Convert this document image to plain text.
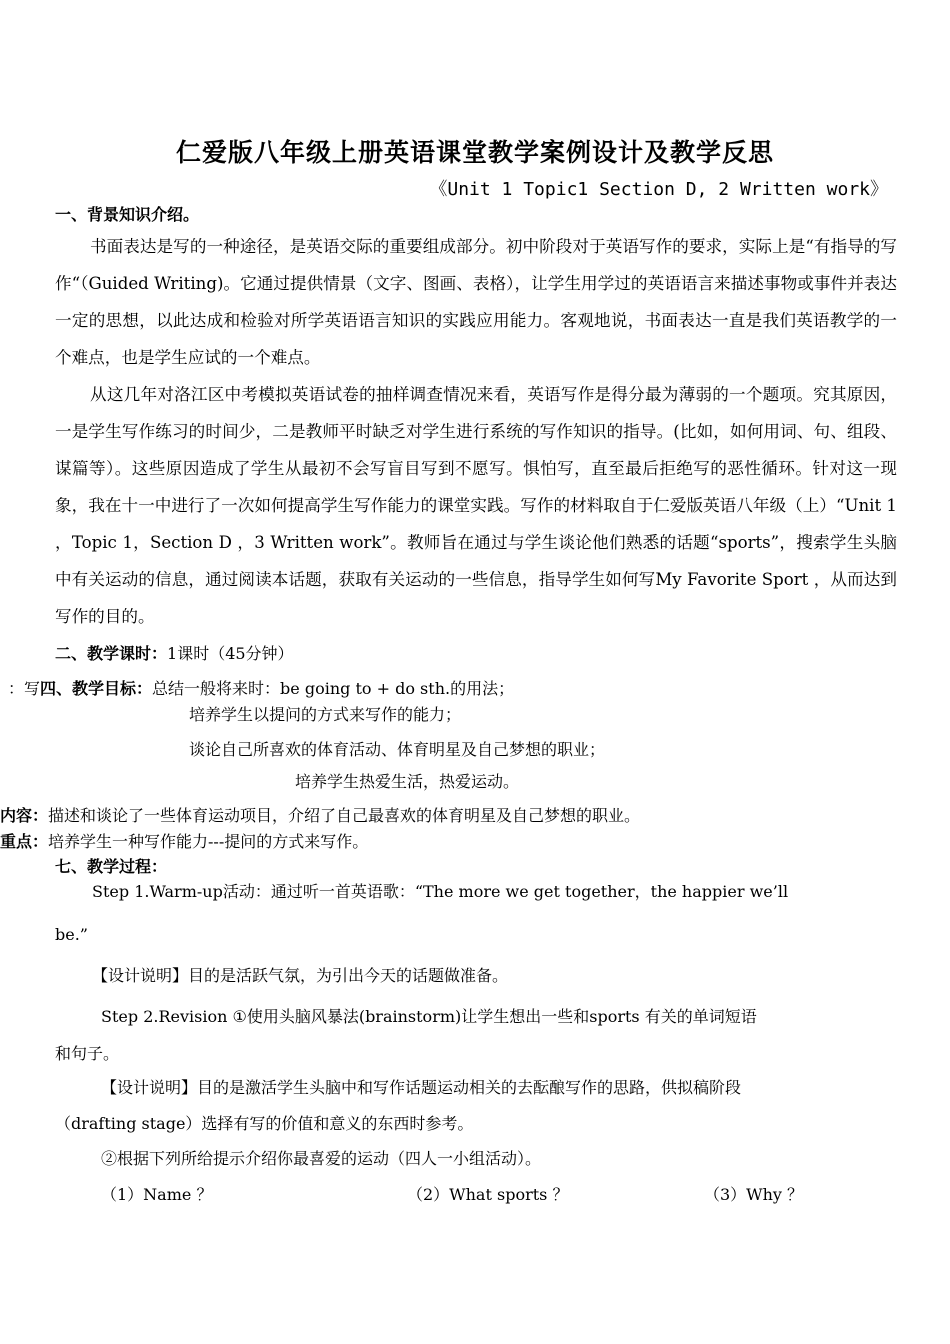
仁爱版八年级上册英语课堂教学案例设计及教学反思
《Unit 1 Topic1 Section D, 2 Written work》
一、背景知识介绍。
书面表达是写的一种途径，是英语交际的重要组成部分。初中阶段对于英语写作的要求，实际上是“有指导的写作“（Guided Writing)。它通过提供情景（文字、图画、表格），让学生用学过的英语语言来描述事物或事件并表达一定的思想，以此达成和检验对所学英语语言知识的实践应用能力。客观地说，书面表达一直是我们英语教学的一个难点，也是学生应试的一个难点。
从这几年对洛江区中考模拟英语试卷的抽样调查情况来看，英语写作是得分最为薄弱的一个题项。究其原因，一是学生写作练习的时间少，二是教师平时缺乏对学生进行系统的写作知识的指导。(比如，如何用词、句、组段、谋篇等）。这些原因造成了学生从最初不会写盲目写到不愿写。惧怕写，直至最后拒绝写的恶性循环。针对这一现象，我在十一中进行了一次如何提高学生写作能力的课堂实践。写作的材料取自于仁爱版英语八年级（上）“Unit 1 ，Topic 1，Section D ，3 Written work”。教师旨在通过与学生谈论他们熟悉的话题“sports”，搜索学生头脑中有关运动的信息，通过阅读本话题，获取有关运动的一些信息，指导学生如何写My Favorite Sport ，从而达到写作的目的。
二、教学课时：1课时（45分钟）
：写四、教学目标：总结一般将来时：be going to + do sth.的用法；
培养学生以提问的方式来写作的能力；
谈论自己所喜欢的体育活动、体育明星及自己梦想的职业；
培养学生热爱生活，热爱运动。
内容：描述和谈论了一些体育运动项目，介绍了自己最喜欢的体育明星及自己梦想的职业。
重点：培养学生一种写作能力---提问的方式来写作。
七、教学过程：
Step 1.Warm-up活动：通过听一首英语歌：“The more we get together，the happier we’ll
be.”
【设计说明】目的是活跃气氛，为引出今天的话题做准备。
Step 2.Revision ①使用头脑风暴法(brainstorm)让学生想出一些和sports 有关的单词短语
和句子。
【设计说明】目的是激活学生头脑中和写作话题运动相关的去酝酿写作的思路，供拟稿阶段
（drafting stage）选择有写的价值和意义的东西时参考。
②根据下列所给提示介绍你最喜爱的运动（四人一小组活动）。
（1）Name ？	（2）What sports ？	（3）Why ？
